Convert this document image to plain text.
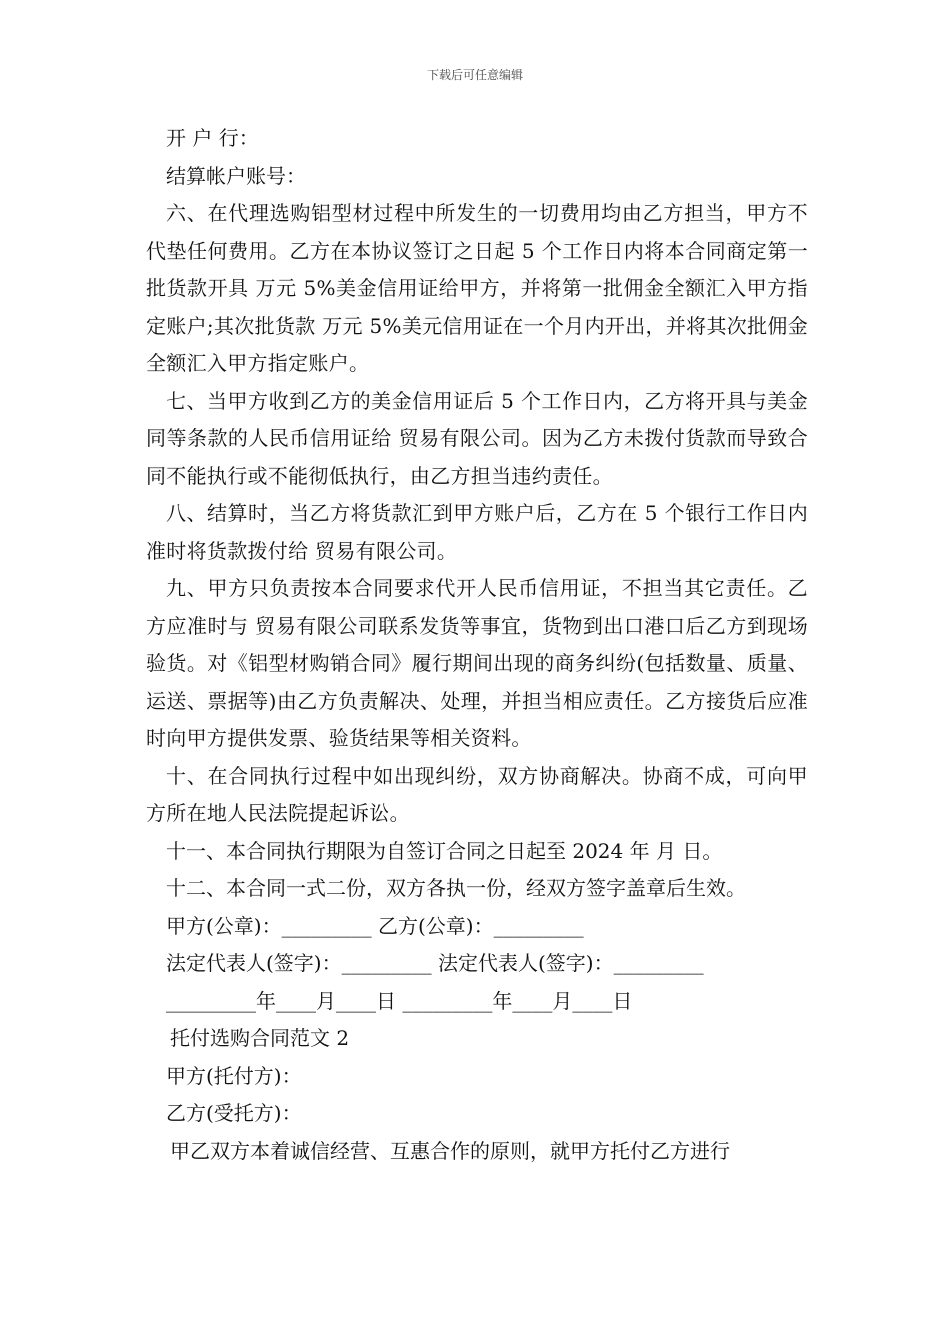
下载后可任意编辑
开 户 行：
结算帐户账号：
六、在代理选购铝型材过程中所发生的一切费用均由乙方担当，甲方不代垫任何费用。乙方在本协议签订之日起 5 个工作日内将本合同商定第一批货款开具 万元 5%美金信用证给甲方，并将第一批佣金全额汇入甲方指定账户;其次批货款 万元 5%美元信用证在一个月内开出，并将其次批佣金全额汇入甲方指定账户。
七、当甲方收到乙方的美金信用证后 5 个工作日内，乙方将开具与美金同等条款的人民币信用证给 贸易有限公司。因为乙方未拨付货款而导致合同不能执行或不能彻低执行，由乙方担当违约责任。
八、结算时，当乙方将货款汇到甲方账户后，乙方在 5 个银行工作日内准时将货款拨付给 贸易有限公司。
九、甲方只负责按本合同要求代开人民币信用证，不担当其它责任。乙方应准时与 贸易有限公司联系发货等事宜，货物到出口港口后乙方到现场验货。对《铝型材购销合同》履行期间出现的商务纠纷(包括数量、质量、运送、票据等)由乙方负责解决、处理，并担当相应责任。乙方接货后应准时向甲方提供发票、验货结果等相关资料。
十、在合同执行过程中如出现纠纷，双方协商解决。协商不成，可向甲方所在地人民法院提起诉讼。
十一、本合同执行期限为自签订合同之日起至 2024 年 月 日。
十二、本合同一式二份，双方各执一份，经双方签字盖章后生效。
甲方(公章)：_________ 乙方(公章)：_________
法定代表人(签字)：_________ 法定代表人(签字)：_________
_________年____月____日 _________年____月____日
托付选购合同范文 2
甲方(托付方)：
乙方(受托方)：
甲乙双方本着诚信经营、互惠合作的原则，就甲方托付乙方进行
